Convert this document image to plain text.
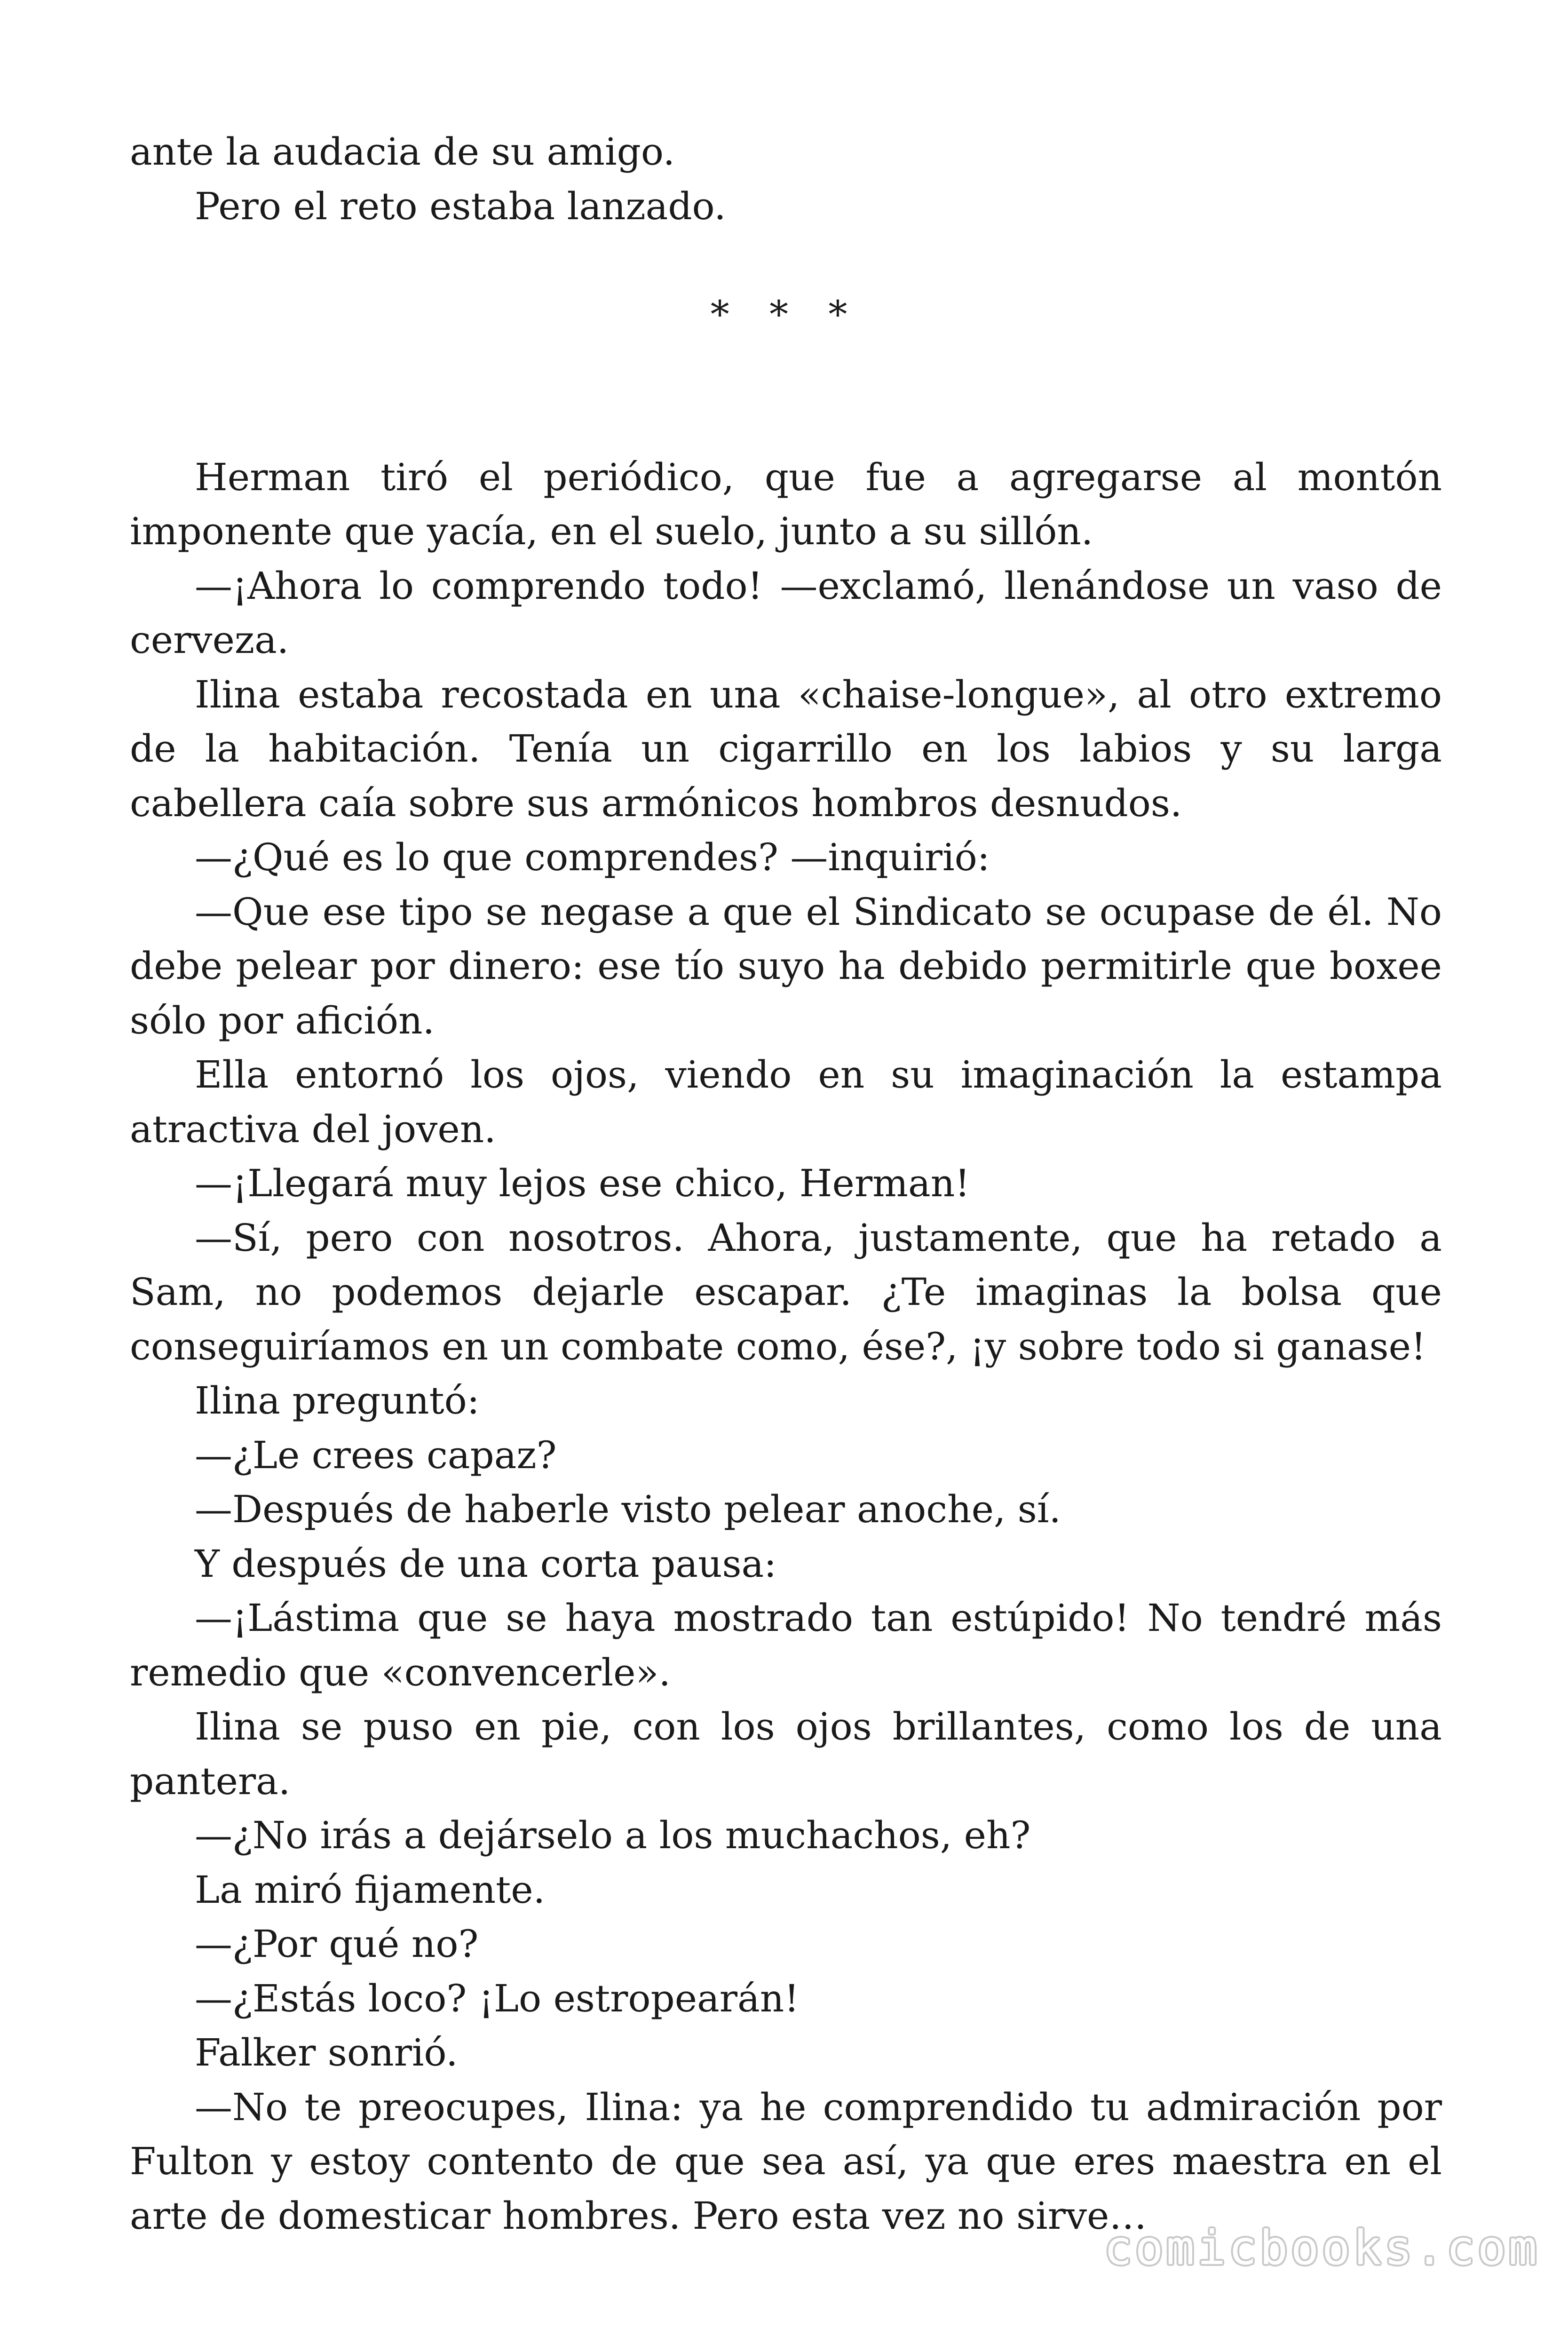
ante la audacia de su amigo.

Pero el reto estaba lanzado.

* * *

Herman tiró el periódico, que fue a agregarse al montón imponente que yacía, en el suelo, junto a su sillón.

—¡Ahora lo comprendo todo! —exclamó, llenándose un vaso de cerveza.

Ilina estaba recostada en una «chaise-longue», al otro extremo de la habitación. Tenía un cigarrillo en los labios y su larga cabellera caía sobre sus armónicos hombros desnudos.

—¿Qué es lo que comprendes? —inquirió:

—Que ese tipo se negase a que el Sindicato se ocupase de él. No debe pelear por dinero: ese tío suyo ha debido permitirle que boxee sólo por afición.

Ella entornó los ojos, viendo en su imaginación la estampa atractiva del joven.

—¡Llegará muy lejos ese chico, Herman!

—Sí, pero con nosotros. Ahora, justamente, que ha retado a Sam, no podemos dejarle escapar. ¿Te imaginas la bolsa que conseguiríamos en un combate como, ése?, ¡y sobre todo si ganase!

Ilina preguntó:

—¿Le crees capaz?

—Después de haberle visto pelear anoche, sí.

Y después de una corta pausa:

—¡Lástima que se haya mostrado tan estúpido! No tendré más remedio que «convencerle».

Ilina se puso en pie, con los ojos brillantes, como los de una pantera.

—¿No irás a dejárselo a los muchachos, eh?

La miró fijamente.

—¿Por qué no?

—¿Estás loco? ¡Lo estropearán!

Falker sonrió.

—No te preocupes, Ilina: ya he comprendido tu admiración por Fulton y estoy contento de que sea así, ya que eres maestra en el arte de domesticar hombres. Pero esta vez no sirve…

comicbooks.com
